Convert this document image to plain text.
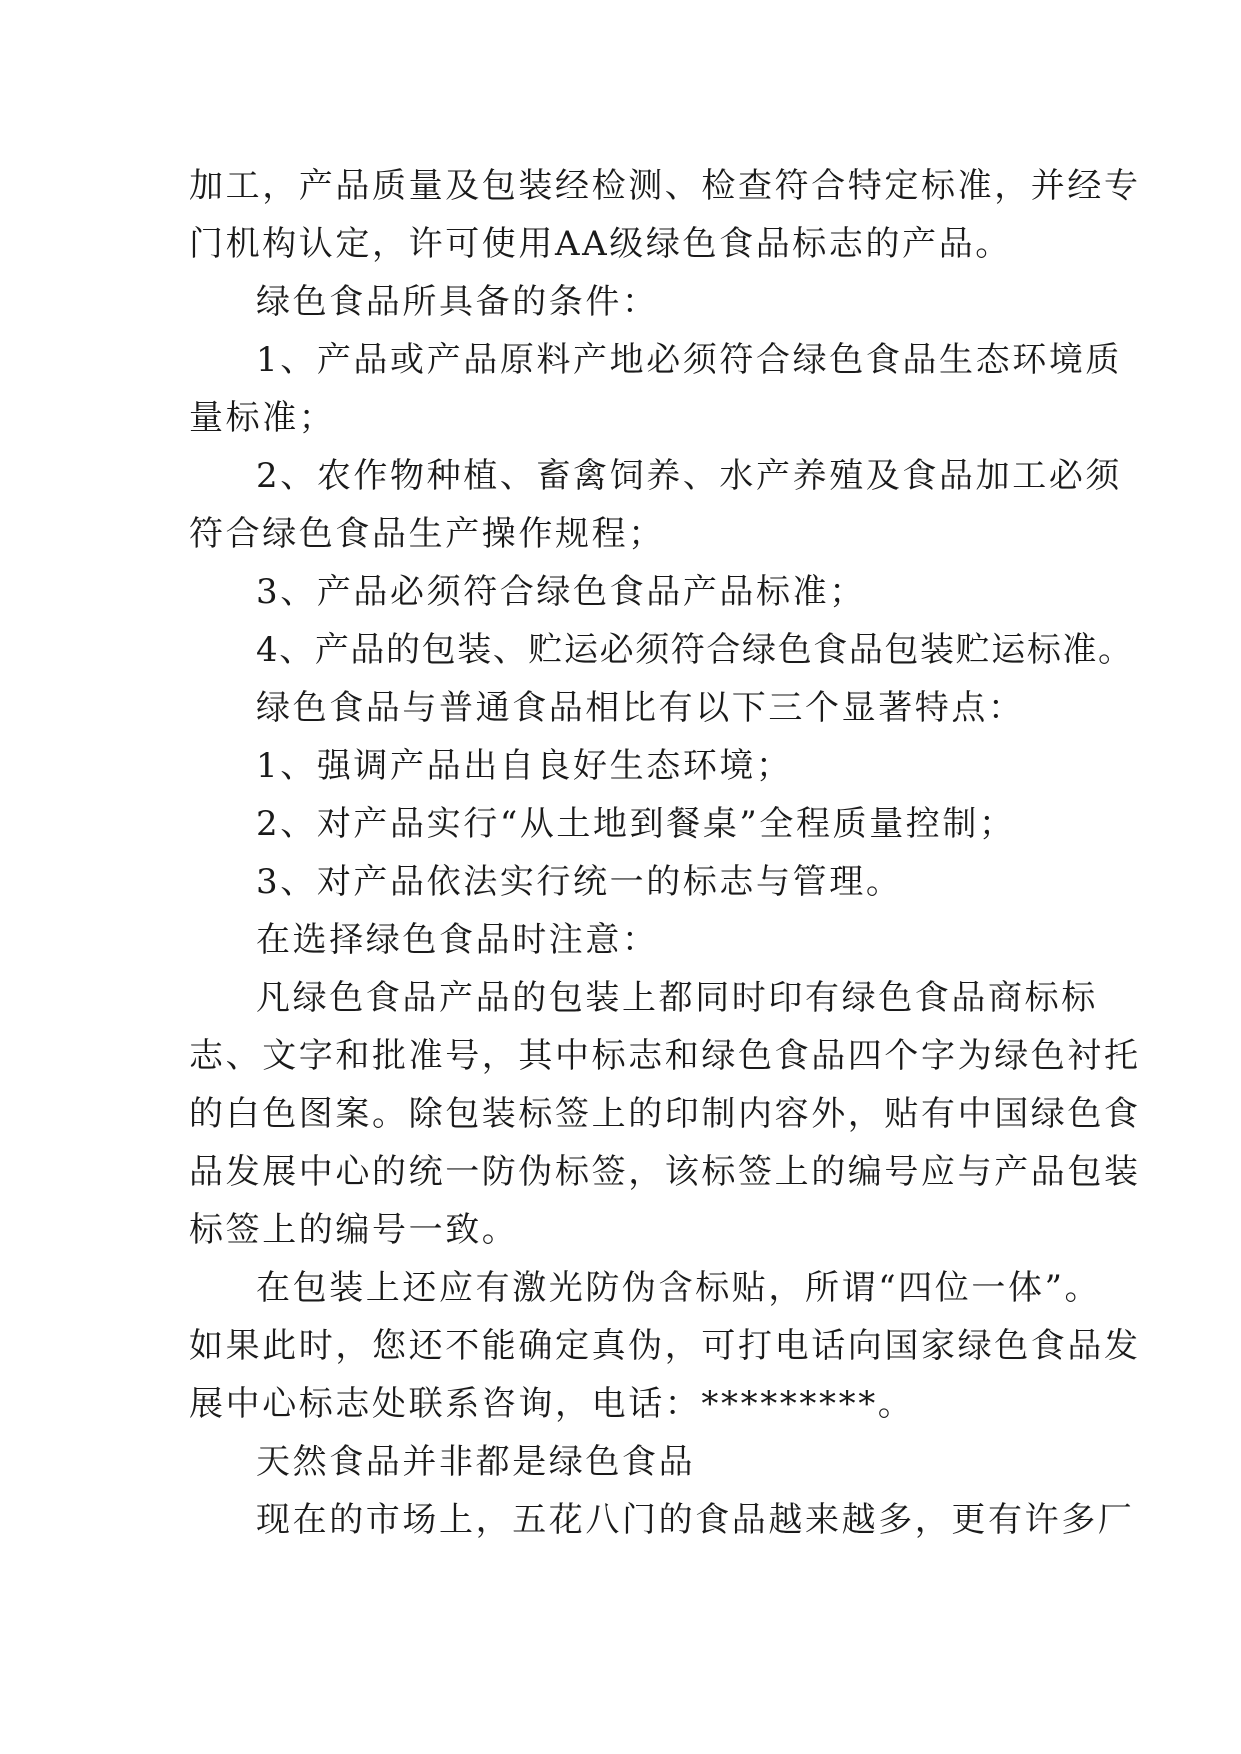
加工，产品质量及包装经检测、检查符合特定标准，并经专
门机构认定，许可使用AA级绿色食品标志的产品。
绿色食品所具备的条件：
1、产品或产品原料产地必须符合绿色食品生态环境质
量标准；
2、农作物种植、畜禽饲养、水产养殖及食品加工必须
符合绿色食品生产操作规程；
3、产品必须符合绿色食品产品标准；
4、产品的包装、贮运必须符合绿色食品包装贮运标准。
绿色食品与普通食品相比有以下三个显著特点：
1、强调产品出自良好生态环境；
2、对产品实行“从土地到餐桌”全程质量控制；
3、对产品依法实行统一的标志与管理。
在选择绿色食品时注意：
凡绿色食品产品的包装上都同时印有绿色食品商标标
志、文字和批准号，其中标志和绿色食品四个字为绿色衬托
的白色图案。除包装标签上的印制内容外，贴有中国绿色食
品发展中心的统一防伪标签，该标签上的编号应与产品包装
标签上的编号一致。
在包装上还应有激光防伪含标贴，所谓“四位一体”。
如果此时，您还不能确定真伪，可打电话向国家绿色食品发
展中心标志处联系咨询，电话：*********。
天然食品并非都是绿色食品
现在的市场上，五花八门的食品越来越多，更有许多厂
